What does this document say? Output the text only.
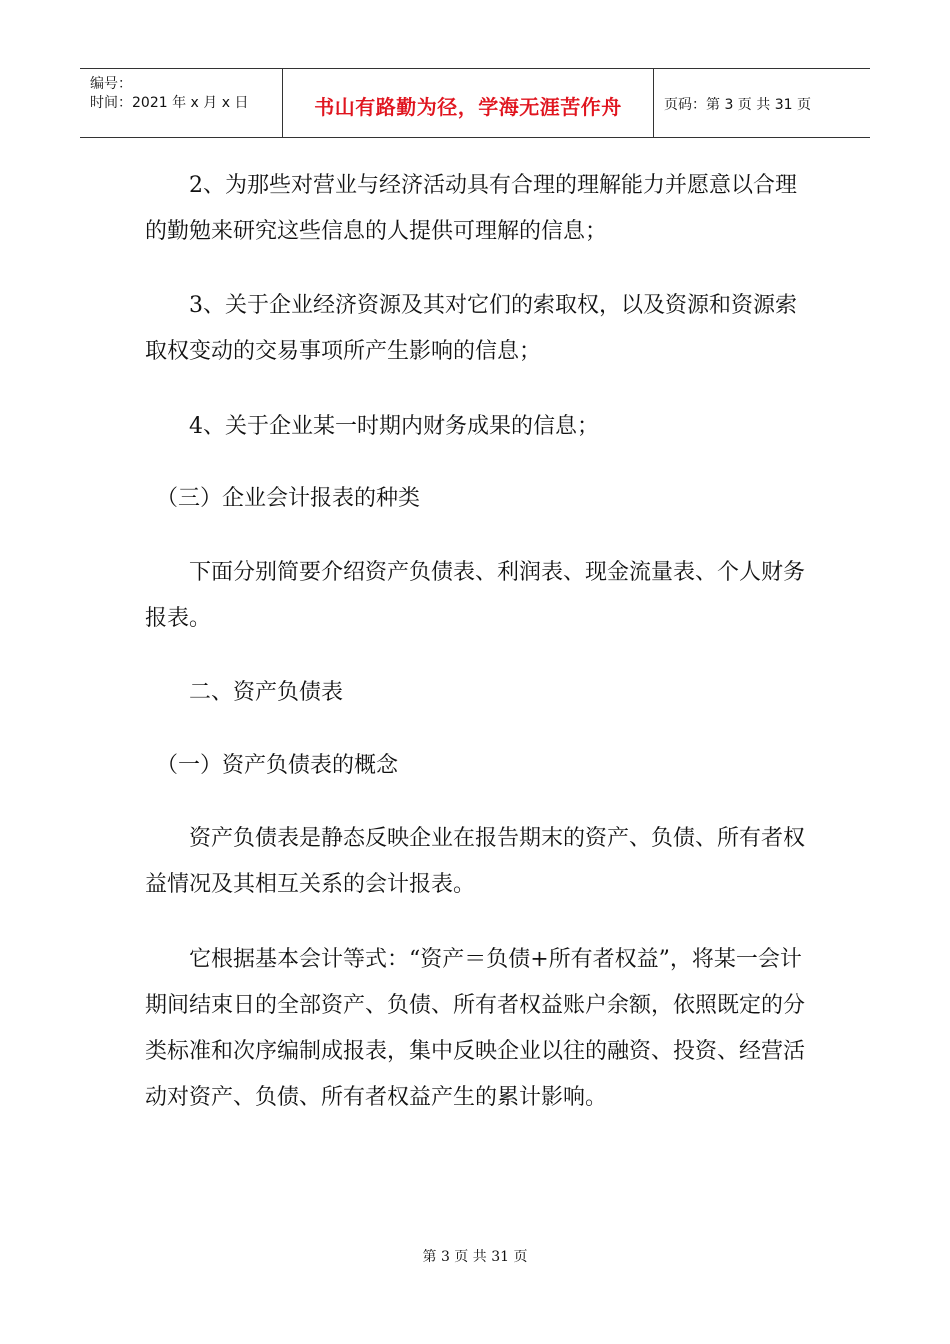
编号：
时间：2021 年 x 月 x 日	书山有路勤为径，学海无涯苦作舟	页码：第 3 页 共 31 页

　　2、为那些对营业与经济活动具有合理的理解能力并愿意以合理的勤勉来研究这些信息的人提供可理解的信息；

　　3、关于企业经济资源及其对它们的索取权，以及资源和资源索取权变动的交易事项所产生影响的信息；

　　4、关于企业某一时期内财务成果的信息；

　（三）企业会计报表的种类

　　下面分别简要介绍资产负债表、利润表、现金流量表、个人财务报表。

　　二、资产负债表

　（一）资产负债表的概念

　　资产负债表是静态反映企业在报告期末的资产、负债、所有者权益情况及其相互关系的会计报表。

　　它根据基本会计等式：“资产＝负债+所有者权益”，将某一会计期间结束日的全部资产、负债、所有者权益账户余额，依照既定的分类标准和次序编制成报表，集中反映企业以往的融资、投资、经营活动对资产、负债、所有者权益产生的累计影响。

第 3 页 共 31 页
